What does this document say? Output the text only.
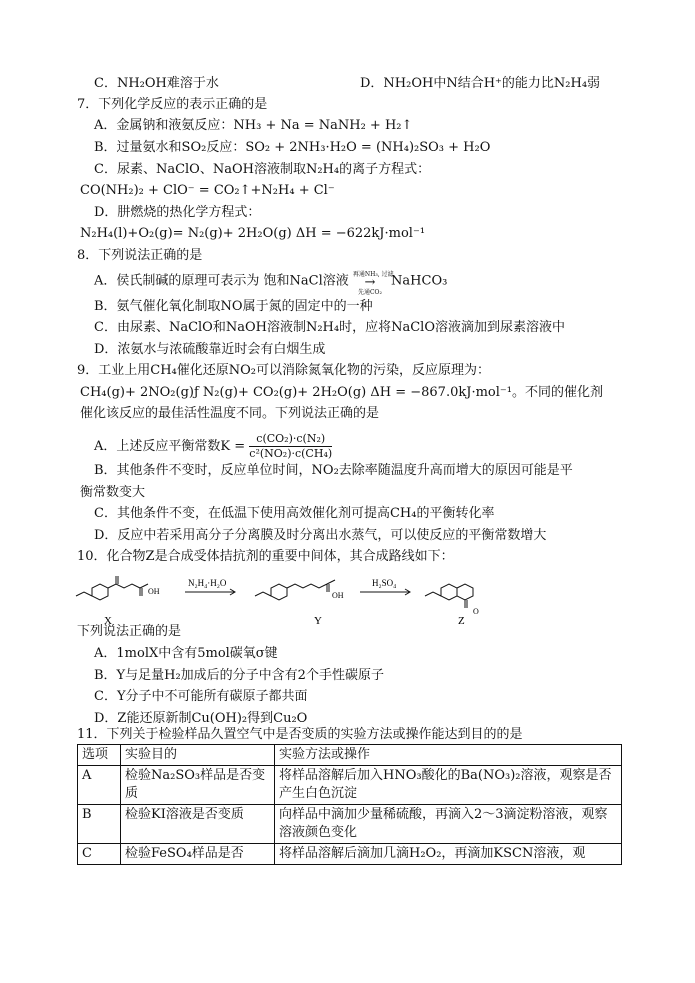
C．NH₂OH难溶于水	D．NH₂OH中N结合H⁺的能力比N₂H₄弱
7．下列化学反应的表示正确的是
A．金属钠和液氨反应：NH₃ + Na = NaNH₂ + H₂↑
B．过量氨水和SO₂反应：SO₂ + 2NH₃·H₂O = (NH₄)₂SO₃ + H₂O
C．尿素、NaClO、NaOH溶液制取N₂H₄的离子方程式：
CO(NH₂)₂ + ClO⁻ = CO₂↑+N₂H₄ + Cl⁻
D．肼燃烧的热化学方程式：
N₂H₄(l)+O₂(g)= N₂(g)+ 2H₂O(g) ΔH = −622kJ·mol⁻¹
8．下列说法正确的是
A．侯氏制碱的原理可表示为 饱和NaCl溶液 再通NH₃, 过滤
→
先通CO₂
NaHCO₃
B．氨气催化氧化制取NO属于氮的固定中的一种
C．由尿素、NaClO和NaOH溶液制N₂H₄时，应将NaClO溶液滴加到尿素溶液中
D．浓氨水与浓硫酸靠近时会有白烟生成
9．工业上用CH₄催化还原NO₂可以消除氮氧化物的污染，反应原理为：
CH₄(g)+ 2NO₂(g)ƒ N₂(g)+ CO₂(g)+ 2H₂O(g) ΔH = −867.0kJ·mol⁻¹。不同的催化剂
催化该反应的最佳活性温度不同。下列说法正确的是
A．上述反应平衡常数$K = \frac{\text{c(CO₂)·c(N₂)}}{\text{c²(NO₂)·c(CH₄)}}$
B．其他条件不变时，反应单位时间，NO₂去除率随温度升高而增大的原因可能是平
衡常数变大
C．其他条件不变，在低温下使用高效催化剂可提高CH₄的平衡转化率
D．反应中若采用高分子分离膜及时分离出水蒸气，可以使反应的平衡常数增大
10．化合物Z是合成受体拮抗剂的重要中间体，其合成路线如下：
X
OH
N₂H₄·H₂O
Y
OH
H₂SO₄
Z
O
下列说法正确的是
A．1molX中含有5mol碳氧σ键
B．Y与足量H₂加成后的分子中含有2个手性碳原子
C．Y分子中不可能所有碳原子都共面
D．Z能还原新制Cu(OH)₂得到Cu₂O
11．下列关于检验样品久置空气中是否变质的实验方法或操作能达到目的的是
选项	实验目的	实验方法或操作
A	检验Na₂SO₃样品是否变质	将样品溶解后加入HNO₃酸化的Ba(NO₃)₂溶液，观察是否产生白色沉淀
B	检验KI溶液是否变质	向样品中滴加少量稀硫酸，再滴入2～3滴淀粉溶液，观察溶液颜色变化
C	检验FeSO₄样品是否	将样品溶解后滴加几滴H₂O₂，再滴加KSCN溶液，观
